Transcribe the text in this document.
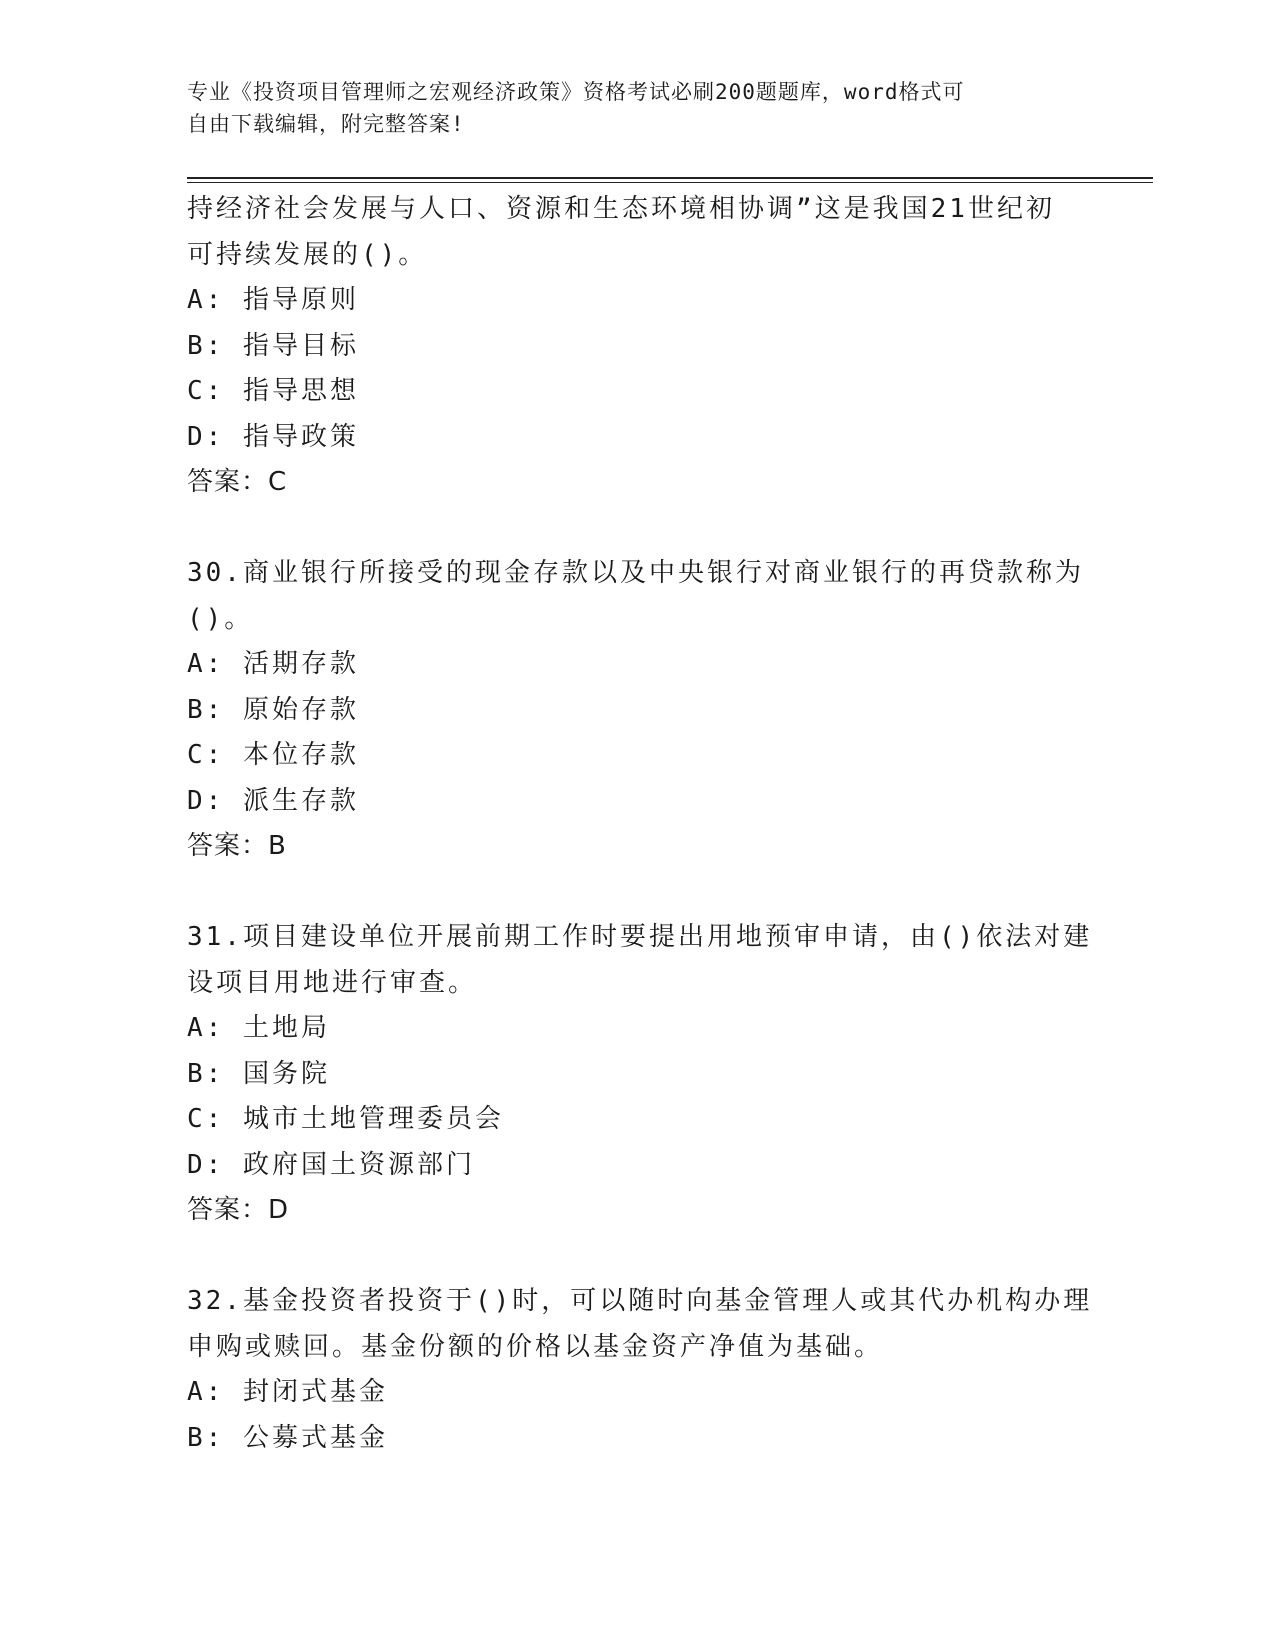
专业《投资项目管理师之宏观经济政策》资格考试必刷200题题库，word格式可
自由下载编辑，附完整答案!
持经济社会发展与人口、资源和生态环境相协调”这是我国21世纪初
可持续发展的()。
A: 指导原则
B: 指导目标
C: 指导思想
D: 指导政策
答案：C
30.商业银行所接受的现金存款以及中央银行对商业银行的再贷款称为
()。
A: 活期存款
B: 原始存款
C: 本位存款
D: 派生存款
答案：B
31.项目建设单位开展前期工作时要提出用地预审申请，由()依法对建
设项目用地进行审查。
A: 土地局
B: 国务院
C: 城市土地管理委员会
D: 政府国土资源部门
答案：D
32.基金投资者投资于()时，可以随时向基金管理人或其代办机构办理
申购或赎回。基金份额的价格以基金资产净值为基础。
A: 封闭式基金
B: 公募式基金
